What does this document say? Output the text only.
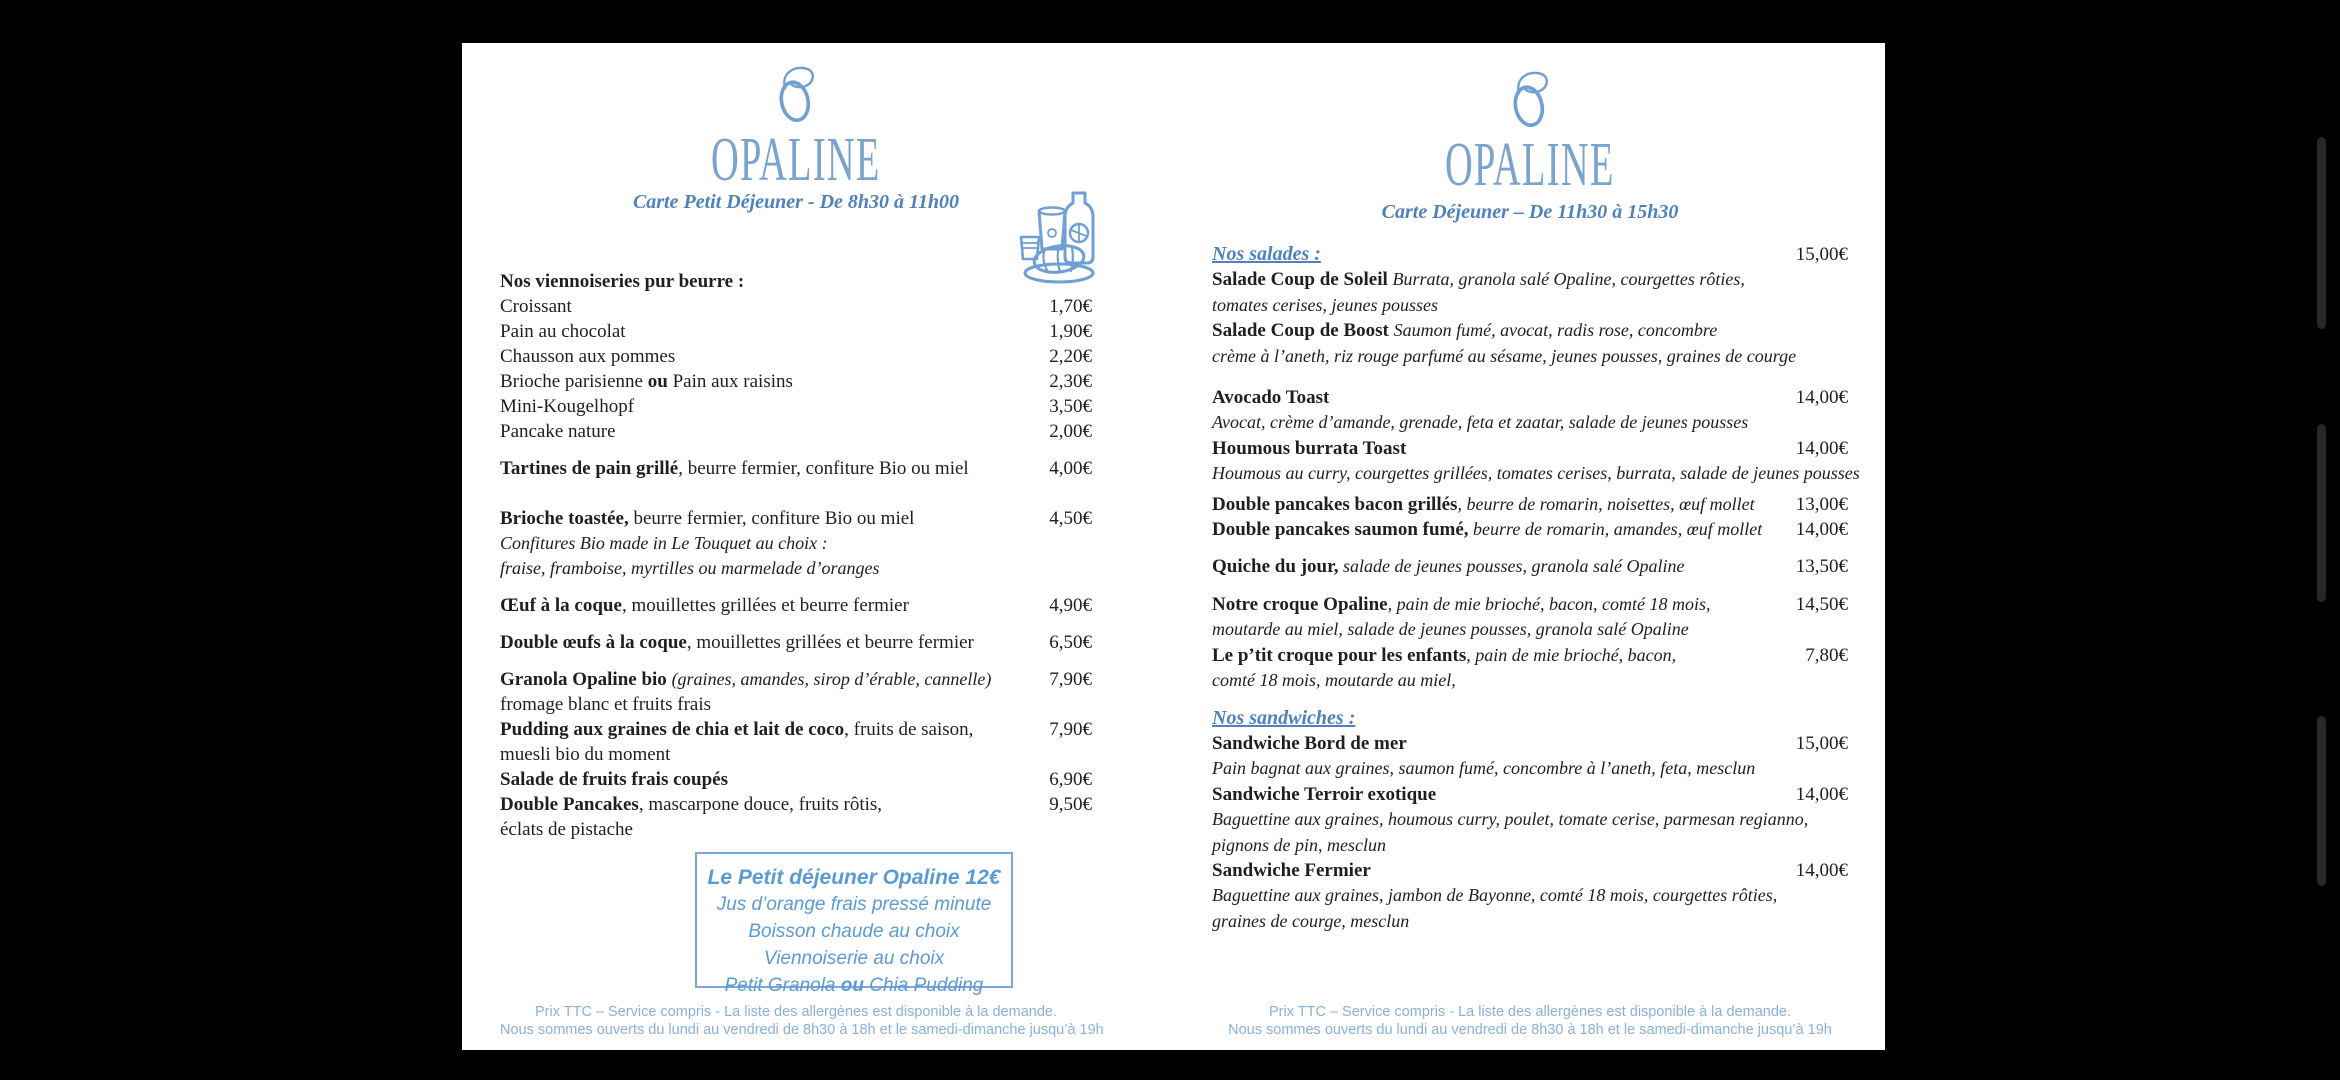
OPALINE
Carte Petit Déjeuner - De 8h30 à 11h00
Nos viennoiseries pur beurre :
Croissant	1,70€
Pain au chocolat	1,90€
Chausson aux pommes	2,20€
Brioche parisienne ou Pain aux raisins	2,30€
Mini-Kougelhopf	3,50€
Pancake nature	2,00€
Tartines de pain grillé, beurre fermier, confiture Bio ou miel	4,00€
Brioche toastée, beurre fermier, confiture Bio ou miel	4,50€
Confitures Bio made in Le Touquet au choix :
fraise, framboise, myrtilles ou marmelade d’oranges
Œuf à la coque, mouillettes grillées et beurre fermier	4,90€
Double œufs à la coque, mouillettes grillées et beurre fermier	6,50€
Granola Opaline bio (graines, amandes, sirop d’érable, cannelle)	7,90€
fromage blanc et fruits frais
Pudding aux graines de chia et lait de coco, fruits de saison,	7,90€
muesli bio du moment
Salade de fruits frais coupés	6,90€
Double Pancakes, mascarpone douce, fruits rôtis,	9,50€
éclats de pistache
Le Petit déjeuner Opaline 12€
Jus d’orange frais pressé minute
Boisson chaude au choix
Viennoiserie au choix
Petit Granola ou Chia Pudding
Prix TTC – Service compris - La liste des allergènes est disponible à la demande.
Nous sommes ouverts du lundi au vendredi de 8h30 à 18h et le samedi-dimanche jusqu’à 19h
OPALINE
Carte Déjeuner – De 11h30 à 15h30
Nos salades :	15,00€
Salade Coup de Soleil Burrata, granola salé Opaline, courgettes rôties,
tomates cerises, jeunes pousses
Salade Coup de Boost Saumon fumé, avocat, radis rose, concombre
crème à l’aneth, riz rouge parfumé au sésame, jeunes pousses, graines de courge
Avocado Toast	14,00€
Avocat, crème d’amande, grenade, feta et zaatar, salade de jeunes pousses
Houmous burrata Toast	14,00€
Houmous au curry, courgettes grillées, tomates cerises, burrata, salade de jeunes pousses
Double pancakes bacon grillés, beurre de romarin, noisettes, œuf mollet 13,00€
Double pancakes saumon fumé, beurre de romarin, amandes, œuf mollet 14,00€
Quiche du jour, salade de jeunes pousses, granola salé Opaline	13,50€
Notre croque Opaline, pain de mie brioché, bacon, comté 18 mois,	14,50€
moutarde au miel, salade de jeunes pousses, granola salé Opaline
Le p’tit croque pour les enfants, pain de mie brioché, bacon,	7,80€
comté 18 mois, moutarde au miel,
Nos sandwiches :
Sandwiche Bord de mer	15,00€
Pain bagnat aux graines, saumon fumé, concombre à l’aneth, feta, mesclun
Sandwiche Terroir exotique	14,00€
Baguettine aux graines, houmous curry, poulet, tomate cerise, parmesan regianno,
pignons de pin, mesclun
Sandwiche Fermier	14,00€
Baguettine aux graines, jambon de Bayonne, comté 18 mois, courgettes rôties,
graines de courge, mesclun
Prix TTC – Service compris - La liste des allergènes est disponible à la demande.
Nous sommes ouverts du lundi au vendredi de 8h30 à 18h et le samedi-dimanche jusqu’à 19h
